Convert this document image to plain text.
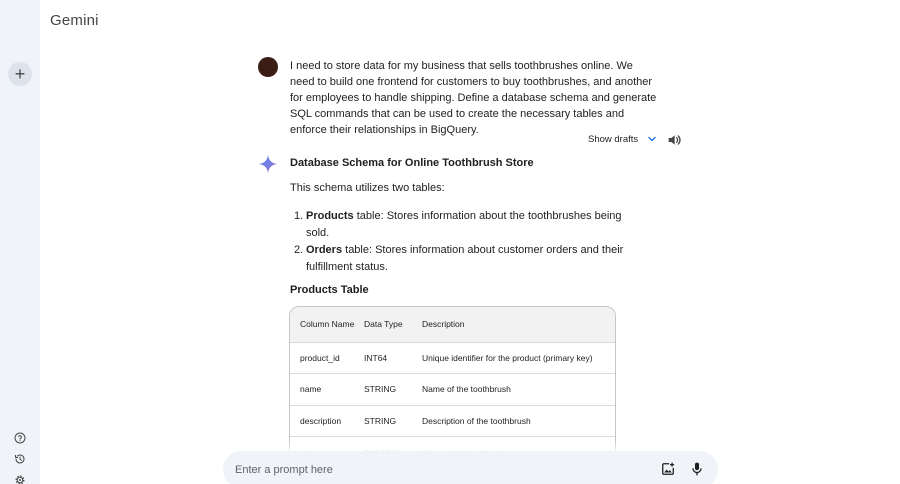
+
Gemini
I need to store data for my business that sells toothbrushes online. We need to build one frontend for customers to buy toothbrushes, and another for employees to handle shipping. Define a database schema and generate SQL commands that can be used to create the necessary tables and enforce their relationships in BigQuery.
Show drafts
Database Schema for Online Toothbrush Store
This schema utilizes two tables:
1. Products table: Stores information about the toothbrushes being sold.
2. Orders table: Stores information about customer orders and their fulfillment status.
Products Table
Column Name	Data Type	Description
product_id	INT64	Unique identifier for the product (primary key)
name	STRING	Name of the toothbrush
description	STRING	Description of the toothbrush

Enter a prompt here
